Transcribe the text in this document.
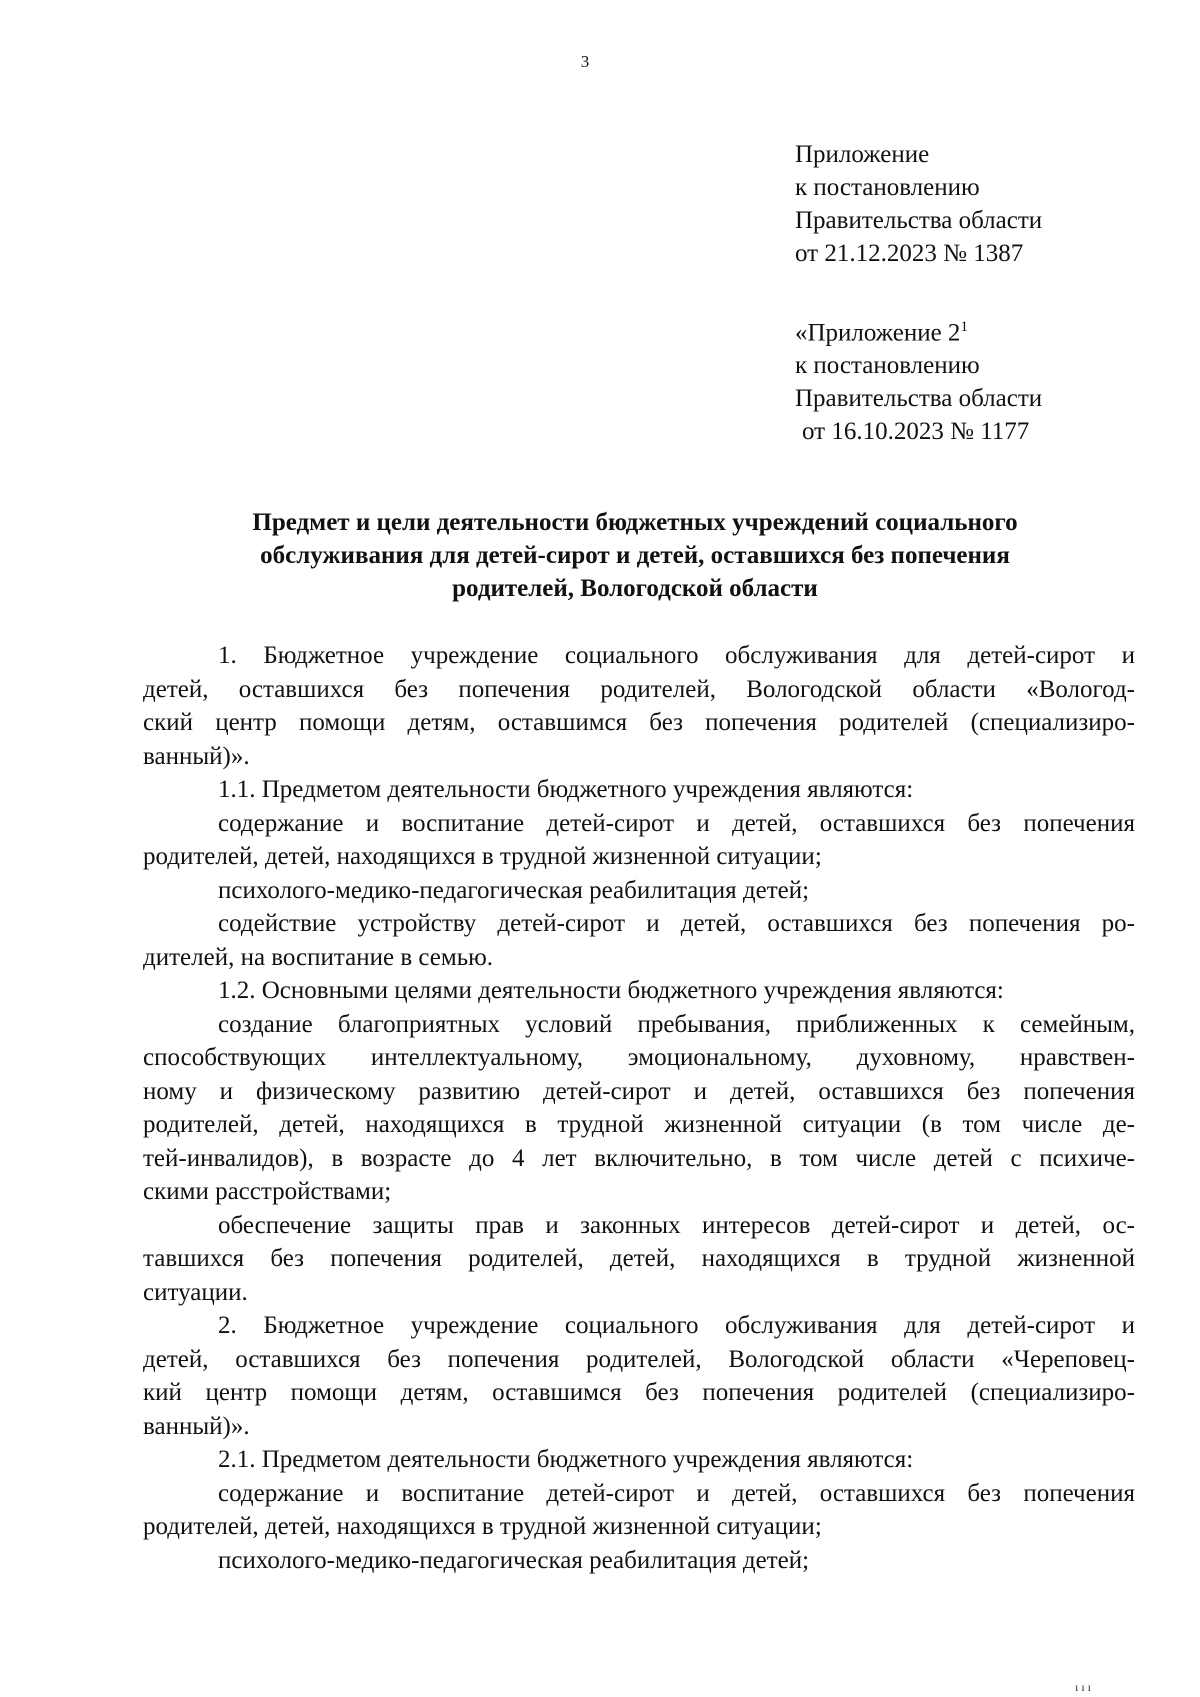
3
Приложение
к постановлению
Правительства области
от 21.12.2023 № 1387
«Приложение $2^1$
к постановлению
Правительства области
от 16.10.2023 № 1177
Предмет и цели деятельности бюджетных учреждений социального
обслуживания для детей-сирот и детей, оставшихся без попечения
родителей, Вологодской области
1. Бюджетное учреждение социального обслуживания для детей-сирот и
детей, оставшихся без попечения родителей, Вологодской области «Вологод-
ский центр помощи детям, оставшимся без попечения родителей (специализиро-
ванный)».
1.1. Предметом деятельности бюджетного учреждения являются:
содержание и воспитание детей-сирот и детей, оставшихся без попечения
родителей, детей, находящихся в трудной жизненной ситуации;
психолого-медико-педагогическая реабилитация детей;
содействие устройству детей-сирот и детей, оставшихся без попечения ро-
дителей, на воспитание в семью.
1.2. Основными целями деятельности бюджетного учреждения являются:
создание благоприятных условий пребывания, приближенных к семейным,
способствующих интеллектуальному, эмоциональному, духовному, нравствен-
ному и физическому развитию детей-сирот и детей, оставшихся без попечения
родителей, детей, находящихся в трудной жизненной ситуации (в том числе де-
тей-инвалидов), в возрасте до 4 лет включительно, в том числе детей с психиче-
скими расстройствами;
обеспечение защиты прав и законных интересов детей-сирот и детей, ос-
тавшихся без попечения родителей, детей, находящихся в трудной жизненной
ситуации.
2. Бюджетное учреждение социального обслуживания для детей-сирот и
детей, оставшихся без попечения родителей, Вологодской области «Череповец-
кий центр помощи детям, оставшимся без попечения родителей (специализиро-
ванный)».
2.1. Предметом деятельности бюджетного учреждения являются:
содержание и воспитание детей-сирот и детей, оставшихся без попечения
родителей, детей, находящихся в трудной жизненной ситуации;
психолого-медико-педагогическая реабилитация детей;
ı ı ı
